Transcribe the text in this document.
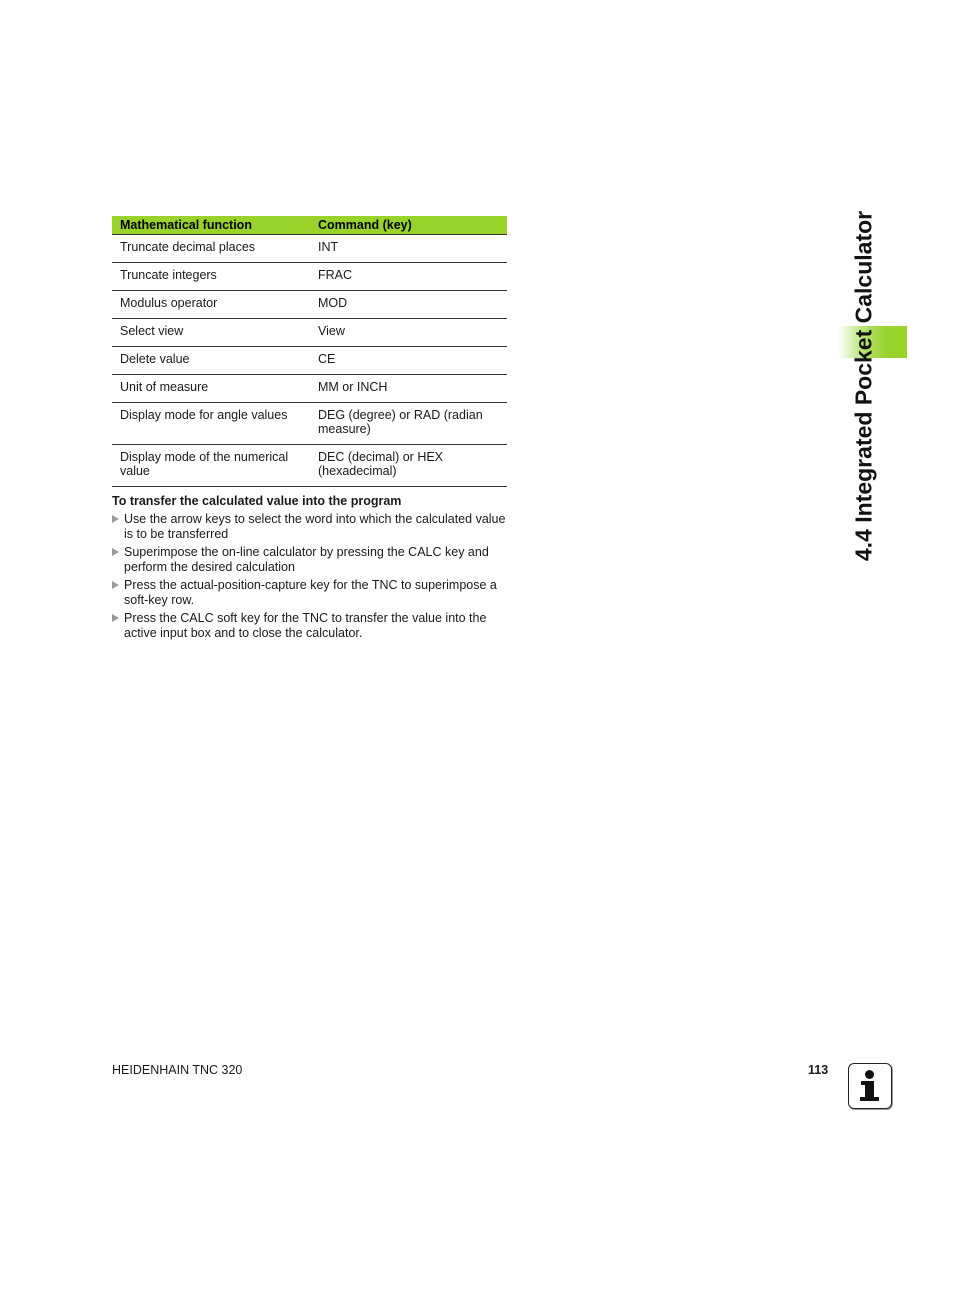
Mathematical function	Command (key)
Truncate decimal places	INT
Truncate integers	FRAC
Modulus operator	MOD
Select view	View
Delete value	CE
Unit of measure	MM or INCH
Display mode for angle values	DEG (degree) or RAD (radian measure)
Display mode of the numerical value	DEC (decimal) or HEX (hexadecimal)

To transfer the calculated value into the program

Use the arrow keys to select the word into which the calculated value is to be transferred
Superimpose the on-line calculator by pressing the CALC key and perform the desired calculation
Press the actual-position-capture key for the TNC to superimpose a soft-key row.
Press the CALC soft key for the TNC to transfer the value into the active input box and to close the calculator.
4.4 Integrated Pocket Calculator
HEIDENHAIN TNC 320	113
